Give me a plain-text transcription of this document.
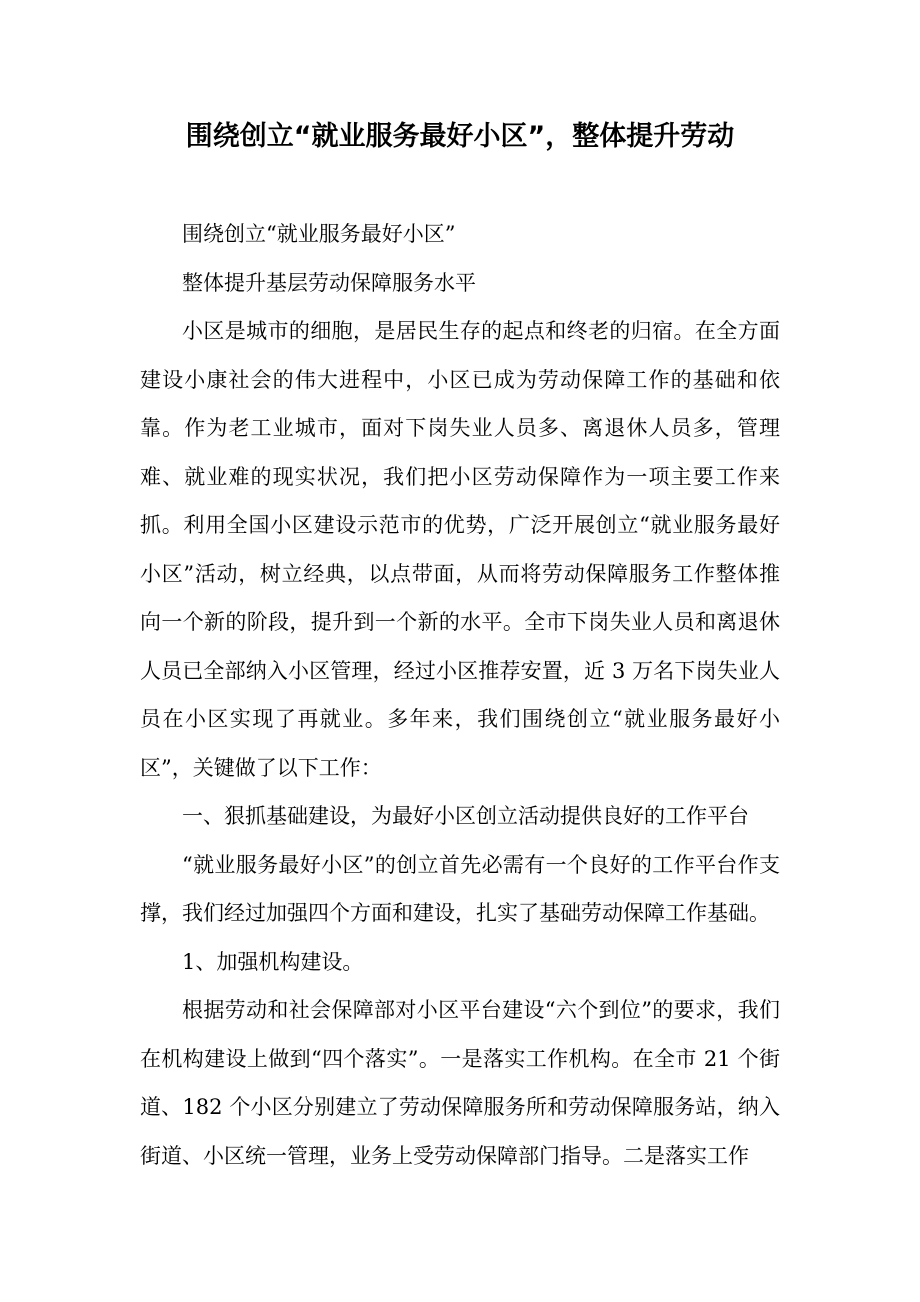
围绕创立“就业服务最好小区”，整体提升劳动

围绕创立“就业服务最好小区”

整体提升基层劳动保障服务水平

小区是城市的细胞，是居民生存的起点和终老的归宿。在全方面建设小康社会的伟大进程中，小区已成为劳动保障工作的基础和依靠。作为老工业城市，面对下岗失业人员多、离退休人员多，管理难、就业难的现实状况，我们把小区劳动保障作为一项主要工作来抓。利用全国小区建设示范市的优势，广泛开展创立“就业服务最好小区”活动，树立经典，以点带面，从而将劳动保障服务工作整体推向一个新的阶段，提升到一个新的水平。全市下岗失业人员和离退休人员已全部纳入小区管理，经过小区推荐安置，近 3 万名下岗失业人员在小区实现了再就业。多年来，我们围绕创立“就业服务最好小区”，关键做了以下工作：

一、狠抓基础建设，为最好小区创立活动提供良好的工作平台

“就业服务最好小区”的创立首先必需有一个良好的工作平台作支撑，我们经过加强四个方面和建设，扎实了基础劳动保障工作基础。

1、加强机构建设。

根据劳动和社会保障部对小区平台建设“六个到位”的要求，我们在机构建设上做到“四个落实”。一是落实工作机构。在全市 21 个街道、182 个小区分别建立了劳动保障服务所和劳动保障服务站，纳入街道、小区统一管理，业务上受劳动保障部门指导。二是落实工作
